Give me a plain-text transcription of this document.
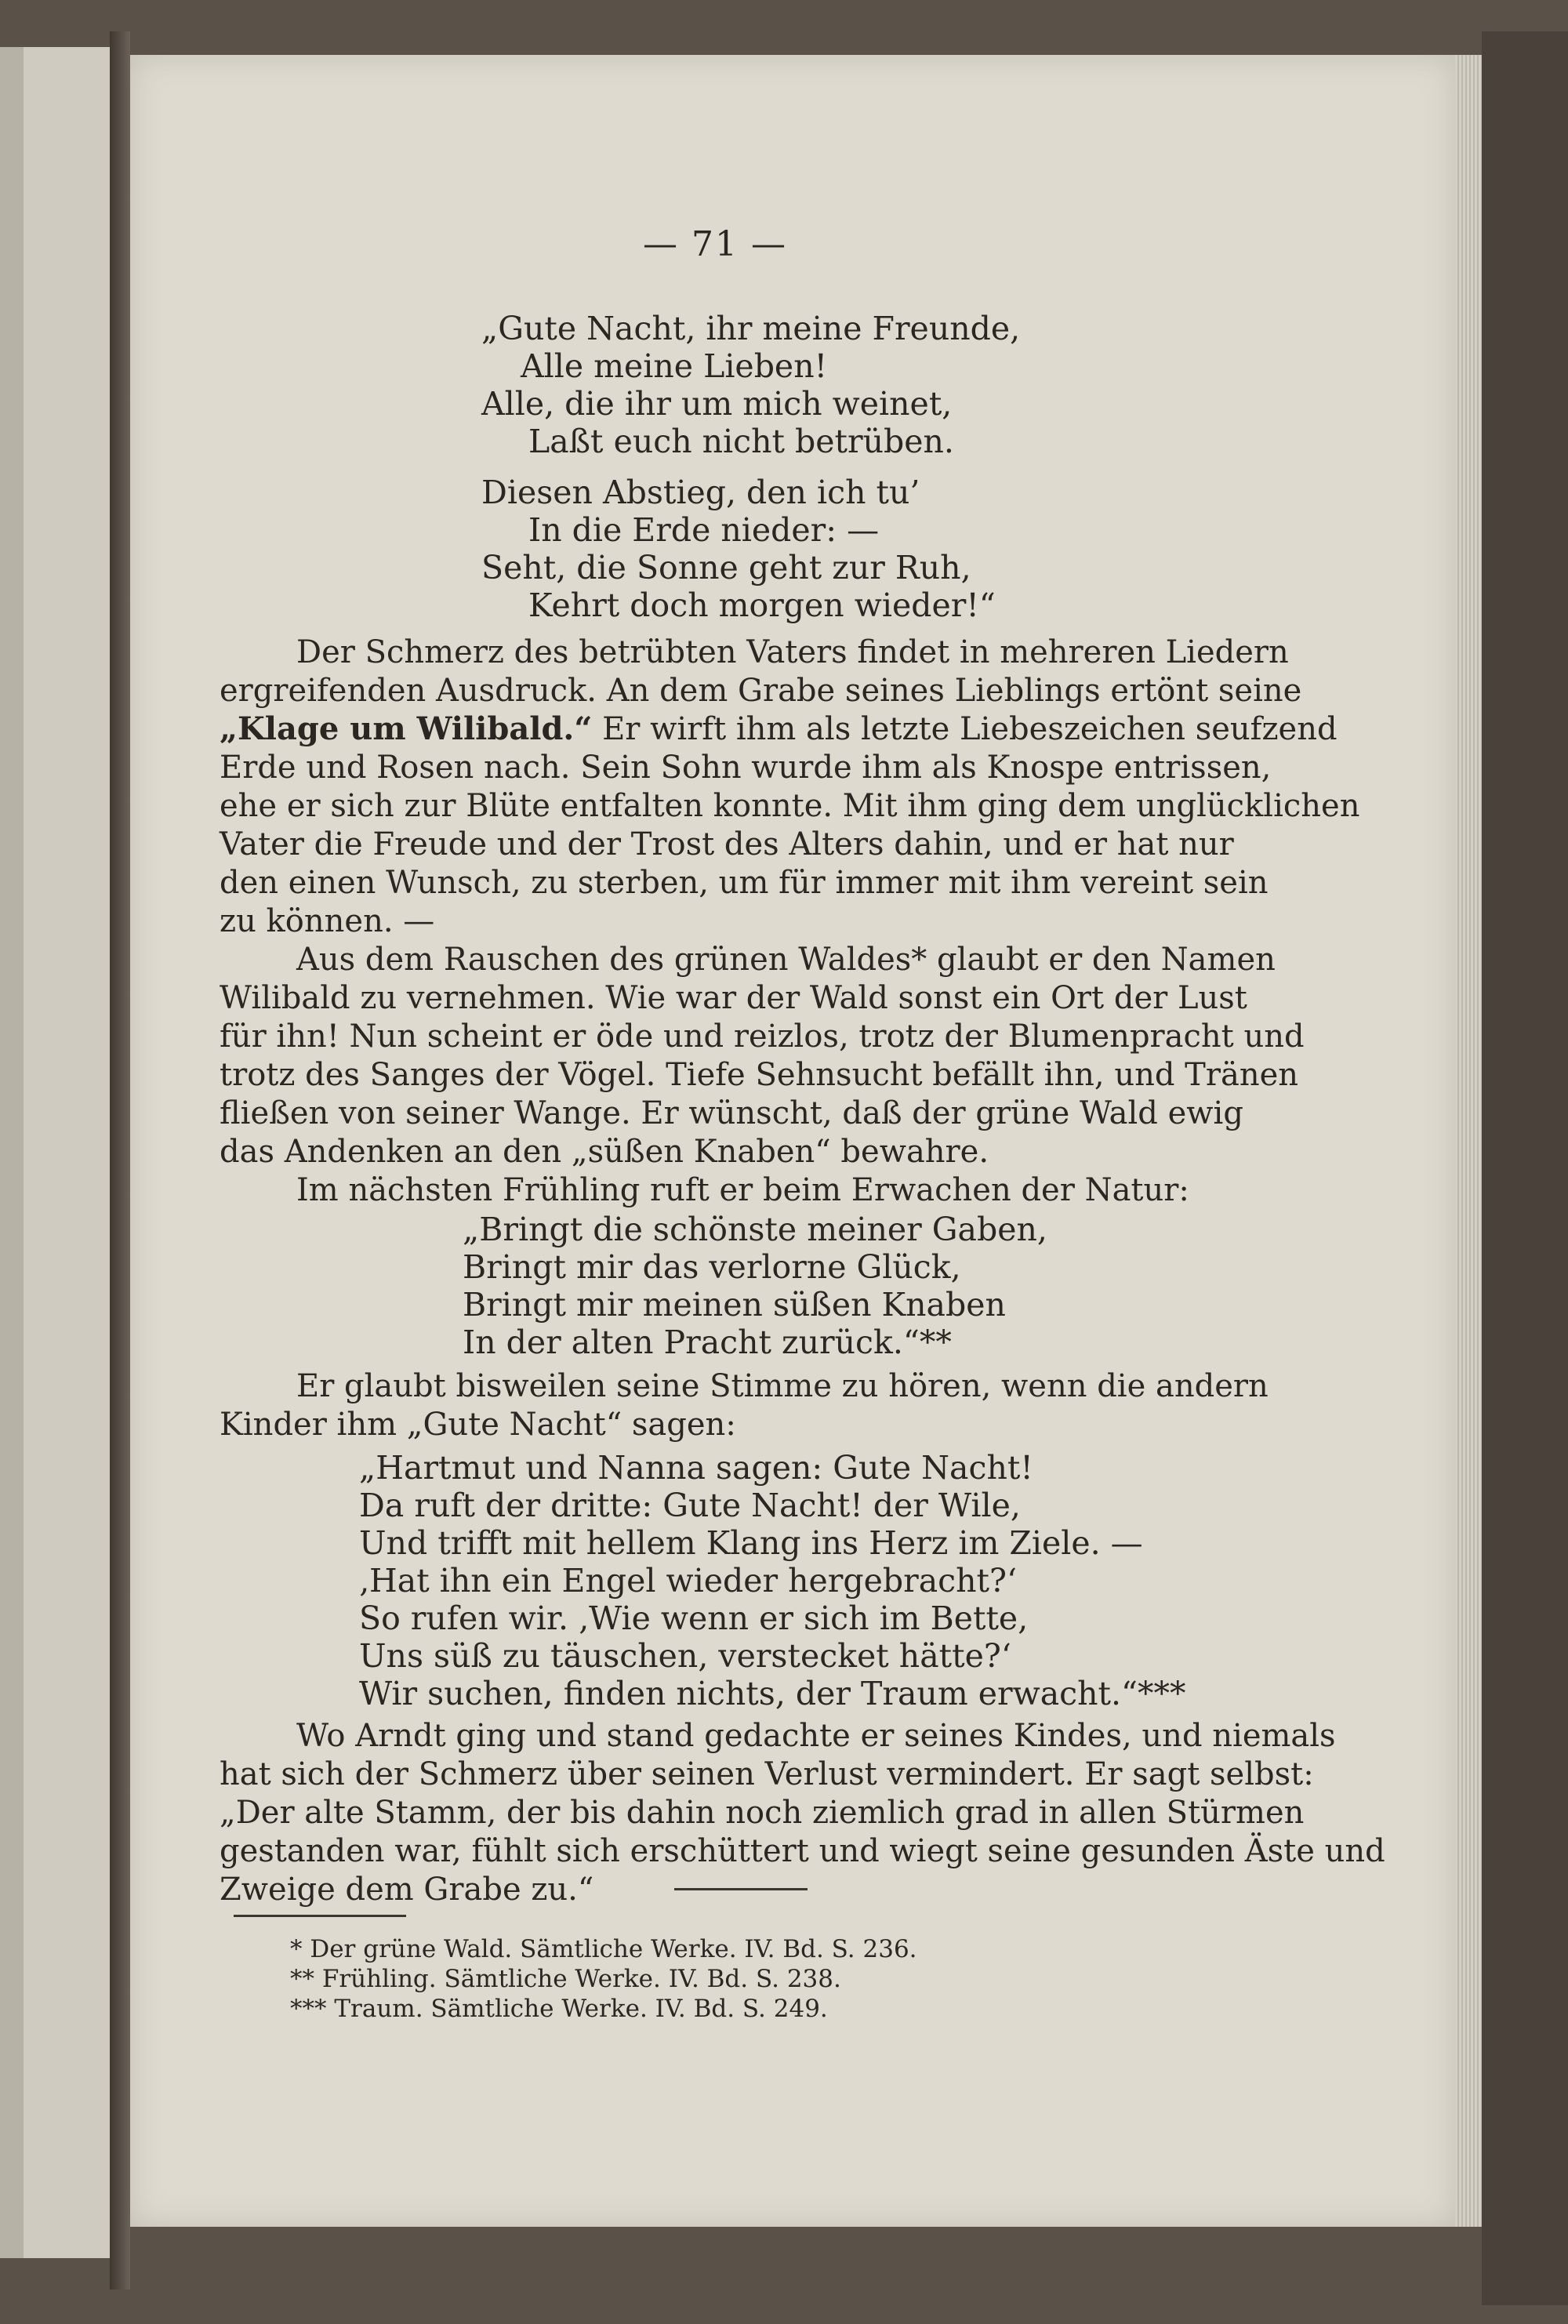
— 71 —
„Gute Nacht, ihr meine Freunde,
Alle meine Lieben!
Alle, die ihr um mich weinet,
Laßt euch nicht betrüben.
Diesen Abstieg, den ich tu’
In die Erde nieder: —
Seht, die Sonne geht zur Ruh,
Kehrt doch morgen wieder!“
Der Schmerz des betrübten Vaters findet in mehreren Liedern
ergreifenden Ausdruck. An dem Grabe seines Lieblings ertönt seine
„Klage um Wilibald.“ Er wirft ihm als letzte Liebeszeichen seufzend
Erde und Rosen nach. Sein Sohn wurde ihm als Knospe entrissen,
ehe er sich zur Blüte entfalten konnte. Mit ihm ging dem unglücklichen
Vater die Freude und der Trost des Alters dahin, und er hat nur
den einen Wunsch, zu sterben, um für immer mit ihm vereint sein
zu können. —
Aus dem Rauschen des grünen Waldes* glaubt er den Namen
Wilibald zu vernehmen. Wie war der Wald sonst ein Ort der Lust
für ihn! Nun scheint er öde und reizlos, trotz der Blumenpracht und
trotz des Sanges der Vögel. Tiefe Sehnsucht befällt ihn, und Tränen
fließen von seiner Wange. Er wünscht, daß der grüne Wald ewig
das Andenken an den „süßen Knaben“ bewahre.
Im nächsten Frühling ruft er beim Erwachen der Natur:
„Bringt die schönste meiner Gaben,
Bringt mir das verlorne Glück,
Bringt mir meinen süßen Knaben
In der alten Pracht zurück.“**
Er glaubt bisweilen seine Stimme zu hören, wenn die andern
Kinder ihm „Gute Nacht“ sagen:
„Hartmut und Nanna sagen: Gute Nacht!
Da ruft der dritte: Gute Nacht! der Wile,
Und trifft mit hellem Klang ins Herz im Ziele. —
‚Hat ihn ein Engel wieder hergebracht?‘
So rufen wir. ‚Wie wenn er sich im Bette,
Uns süß zu täuschen, verstecket hätte?‘
Wir suchen, finden nichts, der Traum erwacht.“***
Wo Arndt ging und stand gedachte er seines Kindes, und niemals
hat sich der Schmerz über seinen Verlust vermindert. Er sagt selbst:
„Der alte Stamm, der bis dahin noch ziemlich grad in allen Stürmen
gestanden war, fühlt sich erschüttert und wiegt seine gesunden Äste und
Zweige dem Grabe zu.“
* Der grüne Wald. Sämtliche Werke. IV. Bd. S. 236.
** Frühling. Sämtliche Werke. IV. Bd. S. 238.
*** Traum. Sämtliche Werke. IV. Bd. S. 249.
